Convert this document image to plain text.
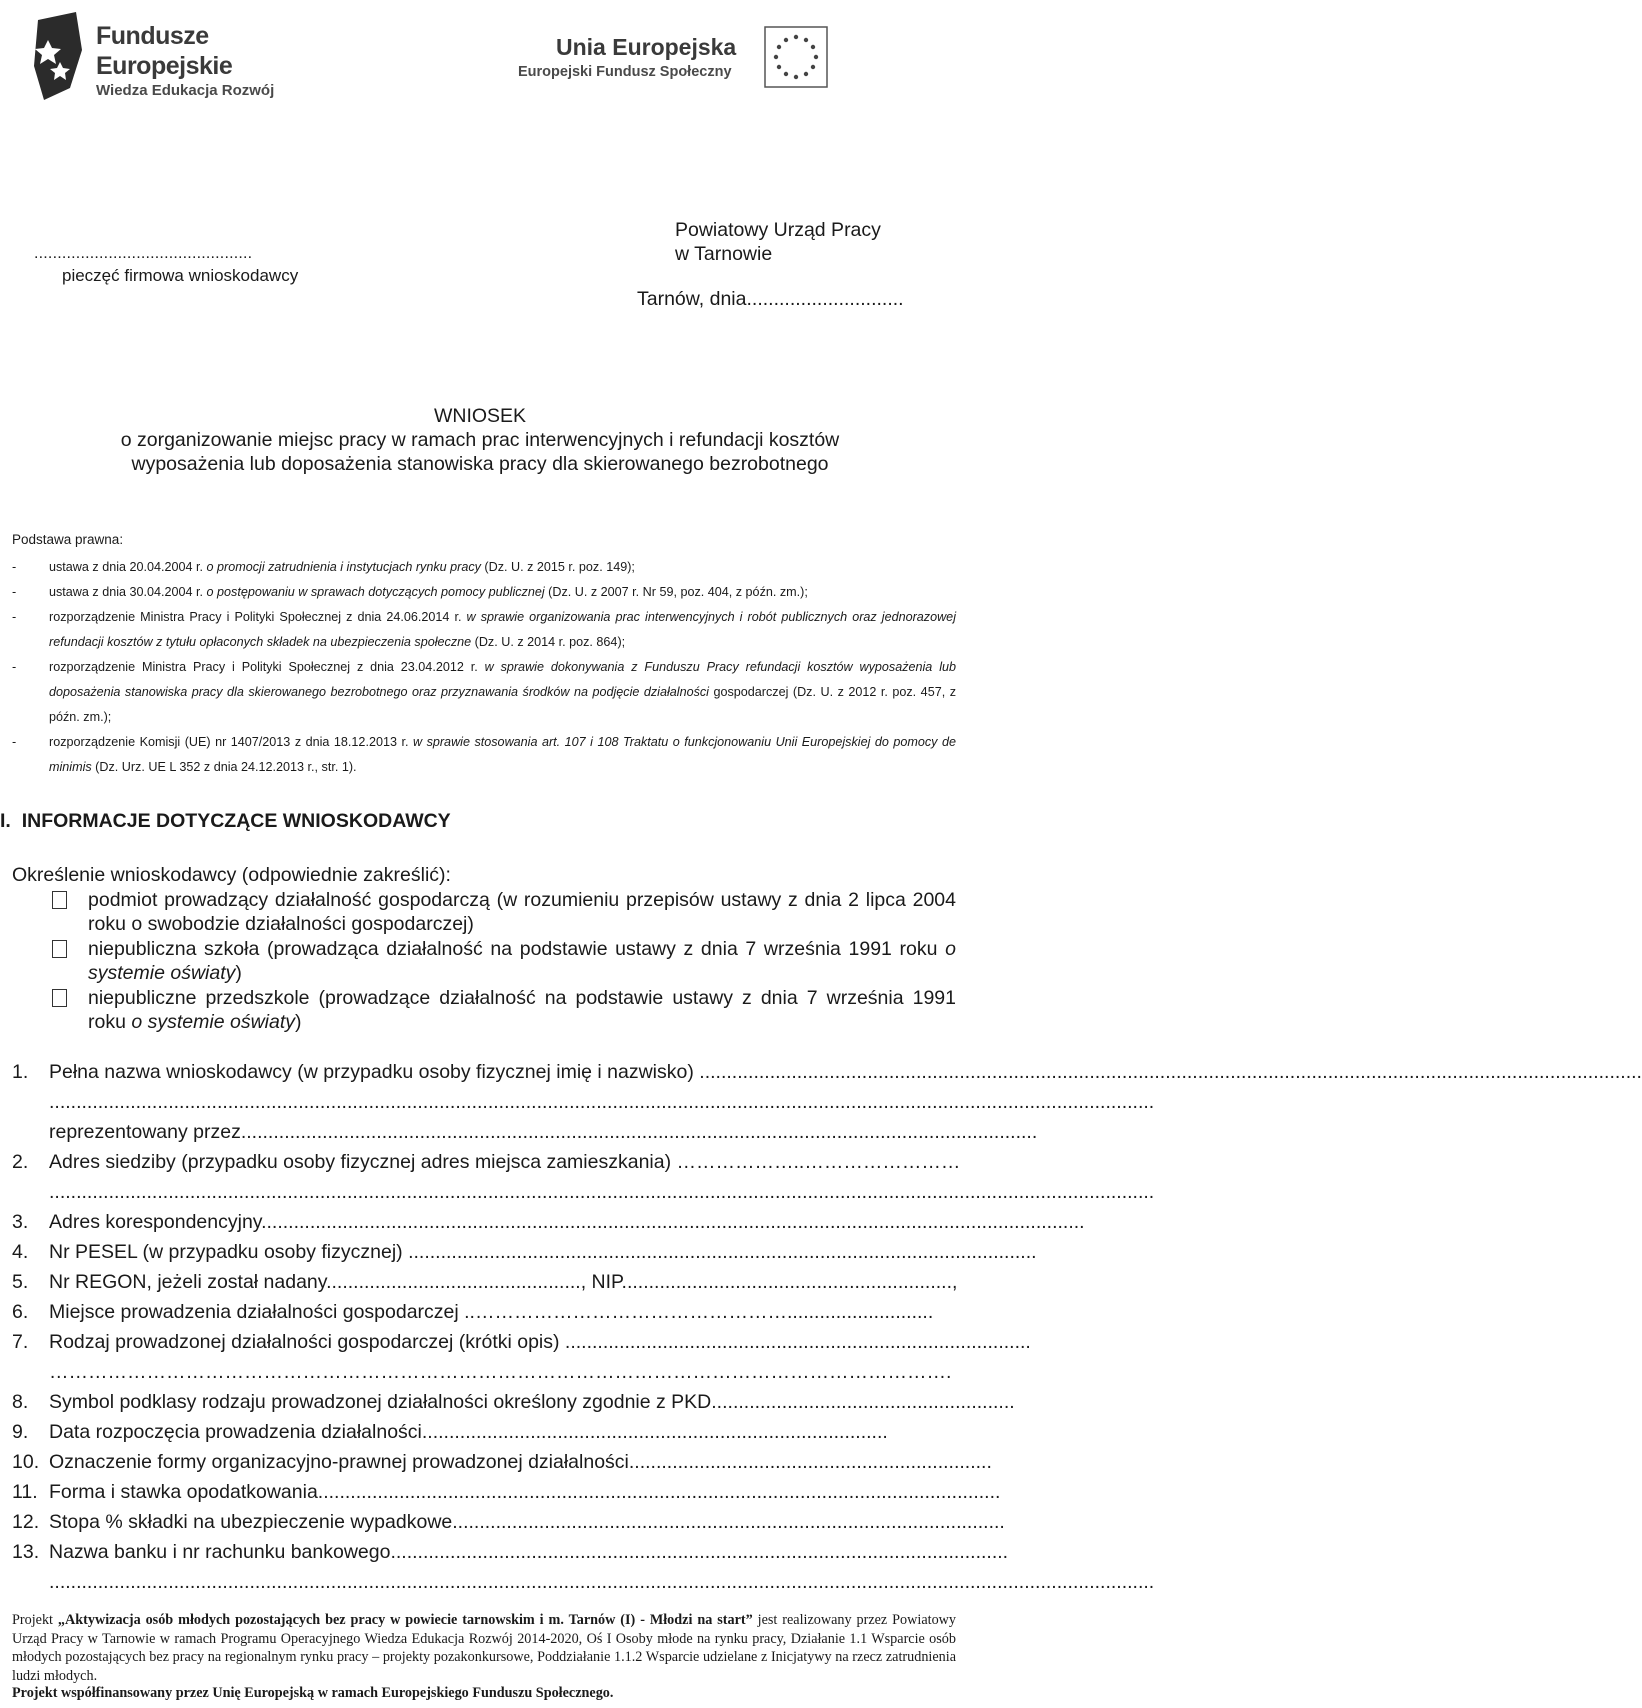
Fundusze
Europejskie
Wiedza Edukacja Rozwój
Unia Europejska
Europejski Fundusz Społeczny
...............................................
pieczęć firmowa wnioskodawcy
Powiatowy Urząd Pracy
w Tarnowie
Tarnów, dnia.............................
WNIOSEK
o zorganizowanie miejsc pracy w ramach prac interwencyjnych i refundacji kosztów
wyposażenia lub doposażenia stanowiska pracy dla skierowanego bezrobotnego
Podstawa prawna:
-	ustawa z dnia 20.04.2004 r. o promocji zatrudnienia i instytucjach rynku pracy (Dz. U. z 2015 r. poz. 149);
-	ustawa z dnia 30.04.2004 r. o postępowaniu w sprawach dotyczących pomocy publicznej (Dz. U. z 2007 r. Nr 59, poz. 404, z późn. zm.);
-	rozporządzenie Ministra Pracy i Polityki Społecznej z dnia 24.06.2014 r. w sprawie organizowania prac interwencyjnych i robót publicznych oraz jednorazowej refundacji kosztów z tytułu opłaconych składek na ubezpieczenia społeczne (Dz. U. z 2014 r. poz. 864);
-	rozporządzenie Ministra Pracy i Polityki Społecznej z dnia 23.04.2012 r. w sprawie dokonywania z Funduszu Pracy refundacji kosztów wyposażenia lub doposażenia stanowiska pracy dla skierowanego bezrobotnego oraz przyznawania środków na podjęcie działalności gospodarczej (Dz. U. z 2012 r. poz. 457, z późn. zm.);
-	rozporządzenie Komisji (UE) nr 1407/2013 z dnia 18.12.2013 r. w sprawie stosowania art. 107 i 108 Traktatu o funkcjonowaniu Unii Europejskiej do pomocy de minimis (Dz. Urz. UE L 352 z dnia 24.12.2013 r., str. 1).
I. INFORMACJE DOTYCZĄCE WNIOSKODAWCY
Określenie wnioskodawcy (odpowiednie zakreślić):
podmiot prowadzący działalność gospodarczą (w rozumieniu przepisów ustawy z dnia 2 lipca 2004 roku o swobodzie działalności gospodarczej)
niepubliczna szkoła (prowadząca działalność na podstawie ustawy z dnia 7 września 1991 roku o systemie oświaty)
niepubliczne przedszkole (prowadzące działalność na podstawie ustawy z dnia 7 września 1991 roku o systemie oświaty)
1. Pełna nazwa wnioskodawcy (w przypadku osoby fizycznej imię i nazwisko) ..............................................................................................................................................................................
............................................................................................................................................................................................................
reprezentowany przez...................................................................................................................................................
2. Adres siedziby (przypadku osoby fizycznej adres miejsca zamieszkania) ………………..……………………
............................................................................................................................................................................................................
3. Adres korespondencyjny........................................................................................................................................................
4. Nr PESEL (w przypadku osoby fizycznej) ....................................................................................................................
5. Nr REGON, jeżeli został nadany..............................................., NIP.............................................................,
6. Miejsce prowadzenia działalności gospodarczej ..…………………………………………...........................
7. Rodzaj prowadzonej działalności gospodarczej (krótki opis) ......................................................................................
………………………………………………………………………………………………………………………….
8. Symbol podklasy rodzaju prowadzonej działalności określony zgodnie z PKD........................................................
9. Data rozpoczęcia prowadzenia działalności......................................................................................
10. Oznaczenie formy organizacyjno-prawnej prowadzonej działalności...................................................................
11. Forma i stawka opodatkowania..............................................................................................................................
12. Stopa % składki na ubezpieczenie wypadkowe......................................................................................................
13. Nazwa banku i nr rachunku bankowego..................................................................................................................
............................................................................................................................................................................................................
Projekt „Aktywizacja osób młodych pozostających bez pracy w powiecie tarnowskim i m. Tarnów (I) - Młodzi na start” jest realizowany przez Powiatowy Urząd Pracy w Tarnowie w ramach Programu Operacyjnego Wiedza Edukacja Rozwój 2014-2020, Oś I Osoby młode na rynku pracy, Działanie 1.1 Wsparcie osób młodych pozostających bez pracy na regionalnym rynku pracy – projekty pozakonkursowe, Poddziałanie 1.1.2 Wsparcie udzielane z Inicjatywy na rzecz zatrudnienia ludzi młodych.
Projekt współfinansowany przez Unię Europejską w ramach Europejskiego Funduszu Społecznego.
